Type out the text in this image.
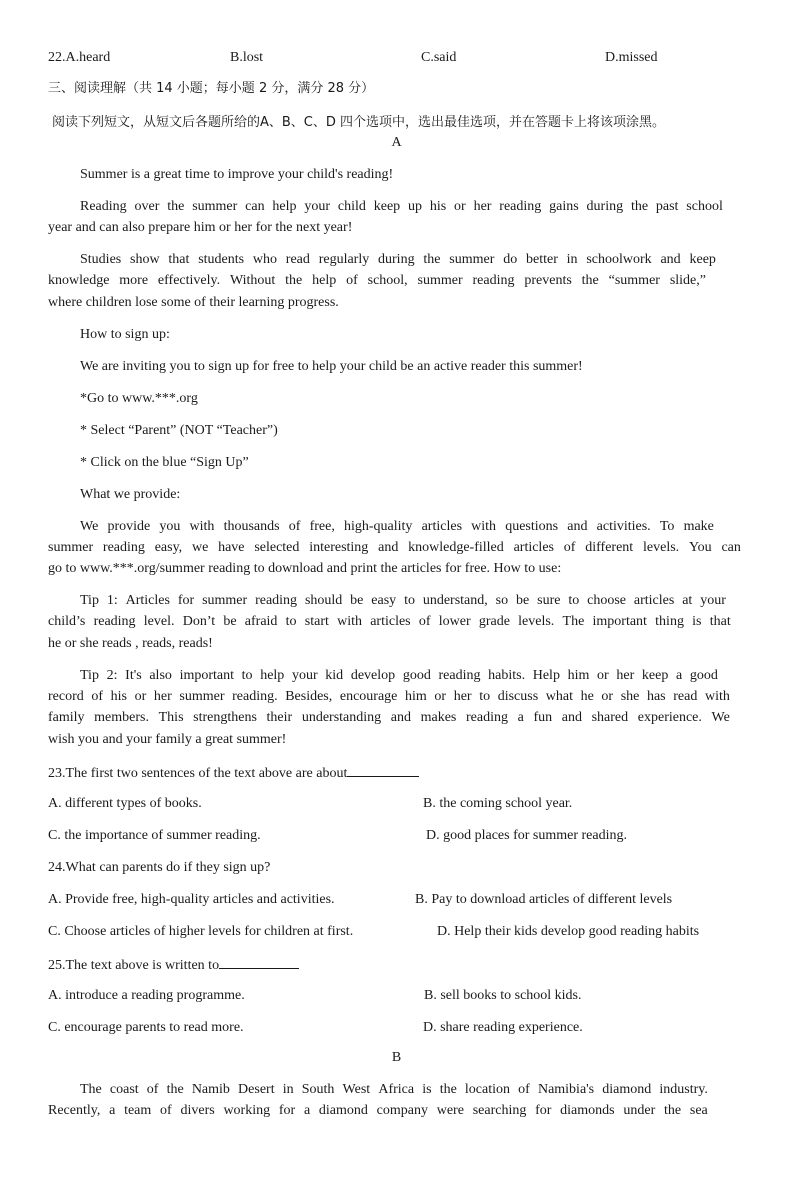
22.A.heard	B.lost	C.said	D.missed
三、阅读理解（共 14 小题；每小题 2 分，满分 28 分）
阅读下列短文，从短文后各题所给的A、B、C、D 四个选项中，选出最佳选项，并在答题卡上将该项涂黑。
A
Summer is a great time to improve your child's reading!
Reading over the summer can help your child keep up his or her reading gains during the past school
year and can also prepare him or her for the next year!
Studies show that students who read regularly during the summer do better in schoolwork and keep
knowledge more effectively. Without the help of school, summer reading prevents the “summer slide,”
where children lose some of their learning progress.
How to sign up:
We are inviting you to sign up for free to help your child be an active reader this summer!
*Go to www.***.org
* Select “Parent” (NOT “Teacher”)
* Click on the blue “Sign Up”
What we provide:
We provide you with thousands of free, high-quality articles with questions and activities. To make
summer reading easy, we have selected interesting and knowledge-filled articles of different levels. You can
go to www.***.org/summer reading to download and print the articles for free. How to use:
Tip 1: Articles for summer reading should be easy to understand, so be sure to choose articles at your
child’s reading level. Don’t be afraid to start with articles of lower grade levels. The important thing is that
he or she reads , reads, reads!
Tip 2: It's also important to help your kid develop good reading habits. Help him or her keep a good
record of his or her summer reading. Besides, encourage him or her to discuss what he or she has read with
family members. This strengthens their understanding and makes reading a fun and shared experience. We
wish you and your family a great summer!
23.The first two sentences of the text above are about
A. different types of books.	B. the coming school year.
C. the importance of summer reading.	D. good places for summer reading.
24.What can parents do if they sign up?
A. Provide free, high-quality articles and activities.	B. Pay to download articles of different levels
C. Choose articles of higher levels for children at first.	D. Help their kids develop good reading habits
25.The text above is written to
A. introduce a reading programme.	B. sell books to school kids.
C. encourage parents to read more.	D. share reading experience.
B
The coast of the Namib Desert in South West Africa is the location of Namibia's diamond industry.
Recently, a team of divers working for a diamond company were searching for diamonds under the sea
